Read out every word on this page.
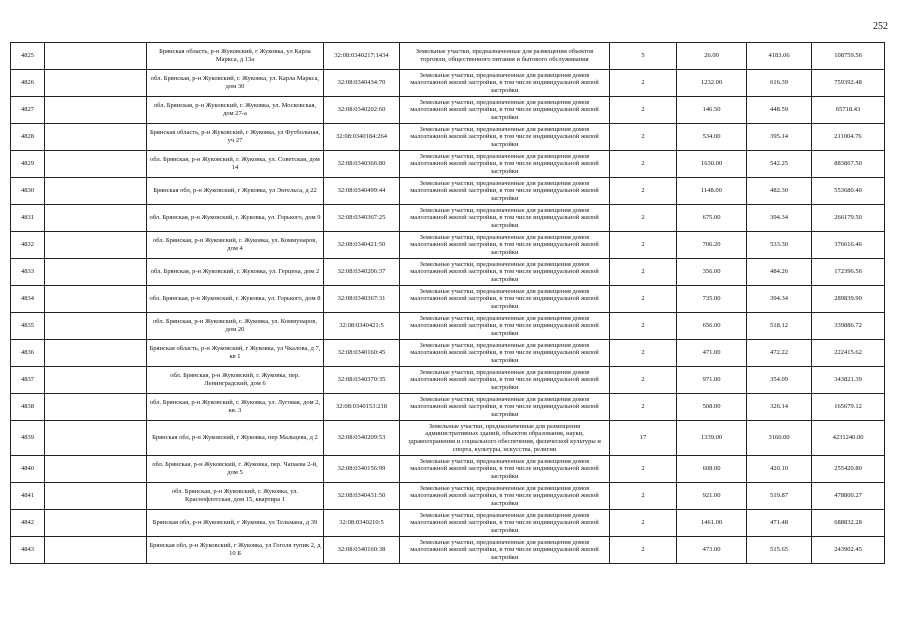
252
4825		Брянская область, р-н Жуковский, г Жуковка, ул Карла Маркса, д 13а	32:08:0340217:1434	Земельные участки, предназначенные для размещения объектов торговли, общественного питания и бытового обслуживания	5	26.00	4183.06	108759.56
4826		обл. Брянская, р-н Жуковский, г. Жуковка, ул. Карла Маркса, дом 30	32:08:0340434:70	Земельные участки, предназначенные для размещения домов малоэтажной жилой застройки, в том числе индивидуальной жилой застройки	2	1232.00	616.39	759392.48
4827		обл. Брянская, р-н Жуковский, г. Жуковка, ул. Московская, дом 27-а	32:08:0340202:60	Земельные участки, предназначенные для размещения домов малоэтажной жилой застройки, в том числе индивидуальной жилой застройки	2	146.50	448.59	65718.43
4828		Брянская область, р-н Жуковский, г Жуковка, ул Футбольная, уч 27	32:08:0340184:264	Земельные участки, предназначенные для размещения домов малоэтажной жилой застройки, в том числе индивидуальной жилой застройки	2	534.00	395.14	211004.76
4829		обл. Брянская, р-н Жуковский, г. Жуковка, ул. Советская, дом 14	32:08:0340366:80	Земельные участки, предназначенные для размещения домов малоэтажной жилой застройки, в том числе индивидуальной жилой застройки	2	1630.00	542.25	883867.50
4830		Брянская обл, р-н Жуковский, г Жуковка, ул Энгельса, д 22	32:08:0340499:44	Земельные участки, предназначенные для размещения домов малоэтажной жилой застройки, в том числе индивидуальной жилой застройки	2	1148.00	482.30	553680.40
4831		обл. Брянская, р-н Жуковский, г. Жуковка, ул. Горького, дом 9	32:08:0340367:25	Земельные участки, предназначенные для размещения домов малоэтажной жилой застройки, в том числе индивидуальной жилой застройки	2	675.00	394.34	266179.50
4832		обл. Брянская, р-н Жуковский, г. Жуковка, ул. Коммунаров, дом 4	32:08:0340421:50	Земельные участки, предназначенные для размещения домов малоэтажной жилой застройки, в том числе индивидуальной жилой застройки	2	706.20	533.30	376616.46
4833		обл. Брянская, р-н Жуковский, г. Жуковка, ул. Герцена, дом 2	32:08:0340206:37	Земельные участки, предназначенные для размещения домов малоэтажной жилой застройки, в том числе индивидуальной жилой застройки	2	356.00	484.26	172396.56
4834		обл. Брянская, р-н Жуковский, г. Жуковка, ул. Горького, дом 8	32:08:0340367:31	Земельные участки, предназначенные для размещения домов малоэтажной жилой застройки, в том числе индивидуальной жилой застройки	2	735.00	394.34	289839.90
4835		обл. Брянская, р-н Жуковский, г. Жуковка, ул. Коммунаров, дом 20	32:08:0340421:5	Земельные участки, предназначенные для размещения домов малоэтажной жилой застройки, в том числе индивидуальной жилой застройки	2	656.00	518.12	339886.72
4836		Брянская область, р-н Жуковский, г Жуковка, ул Чкалова, д 7, кв 1	32:08:0340160:45	Земельные участки, предназначенные для размещения домов малоэтажной жилой застройки, в том числе индивидуальной жилой застройки	2	471.00	472.22	222415.62
4837		обл. Брянская, р-н Жуковский, г. Жуковка, пер. Ленинградский, дом 6	32:08:0340370:35	Земельные участки, предназначенные для размещения домов малоэтажной жилой застройки, в том числе индивидуальной жилой застройки	2	971.00	354.09	343821.39
4838		обл. Брянская, р-н Жуковский, г. Жуковка, ул. Луговая, дом 2, кв. 3	32:08:0340153:218	Земельные участки, предназначенные для размещения домов малоэтажной жилой застройки, в том числе индивидуальной жилой застройки	2	508.00	326.14	165679.12
4839		Брянская обл, р-н Жуковский, г Жуковка, пер Мальцева, д 2	32:08:0340209:53	Земельные участки, предназначенные для размещения административных зданий, объектов образования, науки, здравоохранения и социального обеспечения, физической культуры и спорта, культуры, искусства, религии	17	1339.00	3160.00	4231240.00
4840		обл. Брянская, р-н Жуковский, г. Жуковка, пер. Чапаева 2-й, дом 5	32:08:0340156:99	Земельные участки, предназначенные для размещения домов малоэтажной жилой застройки, в том числе индивидуальной жилой застройки	2	608.00	420.10	255420.80
4841		обл. Брянская, р-н Жуковский, г. Жуковка, ул. Краснофлотская, дом 15, квартира 1	32:08:0340431:50	Земельные участки, предназначенные для размещения домов малоэтажной жилой застройки, в том числе индивидуальной жилой застройки	2	921.00	519.87	478800.27
4842		Брянская обл, р-н Жуковский, г Жуковка, ул Тельмана, д 39	32:08:0340210:5	Земельные участки, предназначенные для размещения домов малоэтажной жилой застройки, в том числе индивидуальной жилой застройки	2	1461.00	471.48	688832.28
4843		Брянская обл, р-н Жуковский, г Жуковка, ул Гоголя тупик 2, д 10 Б	32:08:0340160:38	Земельные участки, предназначенные для размещения домов малоэтажной жилой застройки, в том числе индивидуальной жилой застройки	2	473.00	515.65	243902.45
